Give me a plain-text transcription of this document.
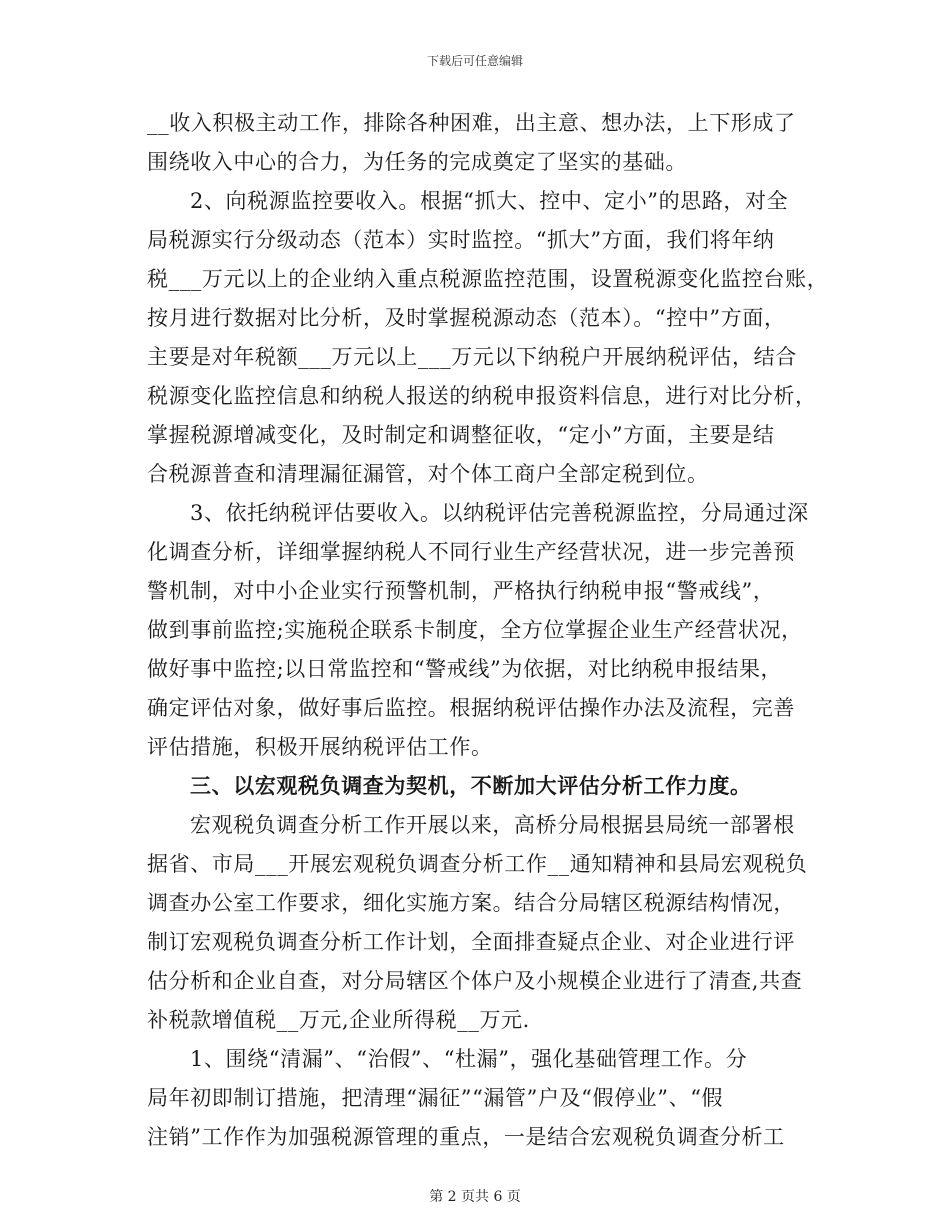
下载后可任意编辑
__收入积极主动工作，排除各种困难，出主意、想办法，上下形成了
围绕收入中心的合力，为任务的完成奠定了坚实的基础。
2、向税源监控要收入。根据“抓大、控中、定小”的思路，对全
局税源实行分级动态（范本）实时监控。“抓大”方面，我们将年纳
税___万元以上的企业纳入重点税源监控范围，设置税源变化监控台账，
按月进行数据对比分析，及时掌握税源动态（范本）。“控中”方面，
主要是对年税额___万元以上___万元以下纳税户开展纳税评估，结合
税源变化监控信息和纳税人报送的纳税申报资料信息，进行对比分析，
掌握税源增减变化，及时制定和调整征收，“定小”方面，主要是结
合税源普查和清理漏征漏管，对个体工商户全部定税到位。
3、依托纳税评估要收入。以纳税评估完善税源监控，分局通过深
化调查分析，详细掌握纳税人不同行业生产经营状况，进一步完善预
警机制，对中小企业实行预警机制，严格执行纳税申报“警戒线”，
做到事前监控;实施税企联系卡制度，全方位掌握企业生产经营状况，
做好事中监控;以日常监控和“警戒线”为依据，对比纳税申报结果，
确定评估对象，做好事后监控。根据纳税评估操作办法及流程，完善
评估措施，积极开展纳税评估工作。
三、以宏观税负调查为契机，不断加大评估分析工作力度。
宏观税负调查分析工作开展以来，高桥分局根据县局统一部署根
据省、市局___开展宏观税负调查分析工作__通知精神和县局宏观税负
调查办公室工作要求，细化实施方案。结合分局辖区税源结构情况，
制订宏观税负调查分析工作计划，全面排查疑点企业、对企业进行评
估分析和企业自查，对分局辖区个体户及小规模企业进行了清查,共查
补税款增值税__万元,企业所得税__万元.
1、围绕“清漏”、“治假”、“杜漏”，强化基础管理工作。分
局年初即制订措施，把清理“漏征”“漏管”户及“假停业”、“假
注销”工作作为加强税源管理的重点，一是结合宏观税负调查分析工
第 2 页共 6 页
